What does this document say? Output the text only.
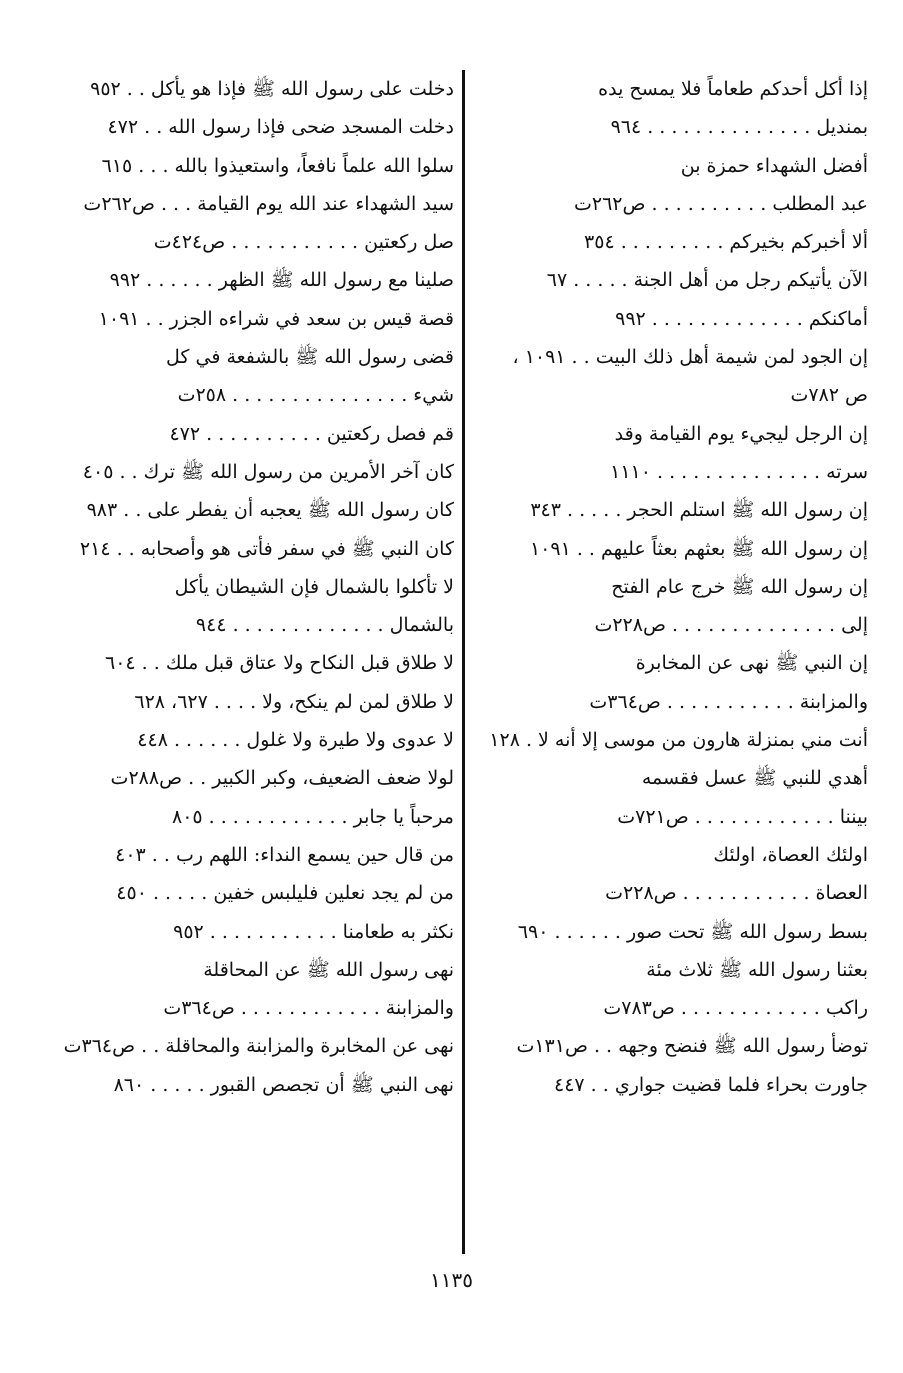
إذا أكل أحدكم طعاماً فلا يمسح يده
بمنديل . . . . . . . . . . . . . . ٩٦٤
أفضل الشهداء حمزة بن
عبد المطلب . . . . . . . . . . ص٢٦٢ت
ألا أخبركم بخيركم . . . . . . . . . ٣٥٤
الآن يأتيكم رجل من أهل الجنة . . . . . ٦٧
أماكنكم . . . . . . . . . . . . . ٩٩٢
إن الجود لمن شيمة أهل ذلك البيت . . ١٠٩١ ،
ص ٧٨٢ت
إن الرجل ليجيء يوم القيامة وقد
سرته . . . . . . . . . . . . . . ١١١٠
إن رسول الله ﷺ استلم الحجر . . . . . ٣٤٣
إن رسول الله ﷺ بعثهم بعثاً عليهم . . ١٠٩١
إن رسول الله ﷺ خرج عام الفتح
إلى . . . . . . . . . . . . . . ص٢٢٨ت
إن النبي ﷺ نهى عن المخابرة
والمزابنة . . . . . . . . . . . ص٣٦٤ت
أنت مني بمنزلة هارون من موسى إلا أنه لا . ١٢٨
أهدي للنبي ﷺ عسل فقسمه
بيننا . . . . . . . . . . . . ص٧٢١ت
اولئك العصاة، اولئك
العصاة . . . . . . . . . . . ص٢٢٨ت
بسط رسول الله ﷺ تحت صور . . . . . . ٦٩٠
بعثنا رسول الله ﷺ ثلاث مئة
راكب . . . . . . . . . . . . ص٧٨٣ت
توضأ رسول الله ﷺ فنضح وجهه . . ص١٣١ت
جاورت بحراء فلما قضيت جواري . . ٤٤٧
دخلت على رسول الله ﷺ فإذا هو يأكل . . ٩٥٢
دخلت المسجد ضحى فإذا رسول الله . . ٤٧٢
سلوا الله علماً نافعاً، واستعيذوا بالله . . . ٦١٥
سيد الشهداء عند الله يوم القيامة . . . ص٢٦٢ت
صل ركعتين . . . . . . . . . . . ص٤٢٤ت
صلينا مع رسول الله ﷺ الظهر . . . . . . ٩٩٢
قصة قيس بن سعد في شراءه الجزر . . ١٠٩١
قضى رسول الله ﷺ بالشفعة في كل
شيء . . . . . . . . . . . . . . . ٢٥٨ت
قم فصل ركعتين . . . . . . . . . . ٤٧٢
كان آخر الأمرين من رسول الله ﷺ ترك . . ٤٠٥
كان رسول الله ﷺ يعجبه أن يفطر على . . ٩٨٣
كان النبي ﷺ في سفر فأتى هو وأصحابه . . ٢١٤
لا تأكلوا بالشمال فإن الشيطان يأكل
بالشمال . . . . . . . . . . . . . ٩٤٤
لا طلاق قبل النكاح ولا عتاق قبل ملك . . ٦٠٤
لا طلاق لمن لم ينكح، ولا . . . . ٦٢٧، ٦٢٨
لا عدوى ولا طيرة ولا غلول . . . . . . ٤٤٨
لولا ضعف الضعيف، وكبر الكبير . . ص٢٨٨ت
مرحباً يا جابر . . . . . . . . . . . . ٨٠٥
من قال حين يسمع النداء: اللهم رب . . ٤٠٣
من لم يجد نعلين فليلبس خفين . . . . . ٤٥٠
نكثر به طعامنا . . . . . . . . . . . ٩٥٢
نهى رسول الله ﷺ عن المحاقلة
والمزابنة . . . . . . . . . . . . ص٣٦٤ت
نهى عن المخابرة والمزابنة والمحاقلة . . ص٣٦٤ت
نهى النبي ﷺ أن تجصص القبور . . . . . ٨٦٠
١١٣٥
